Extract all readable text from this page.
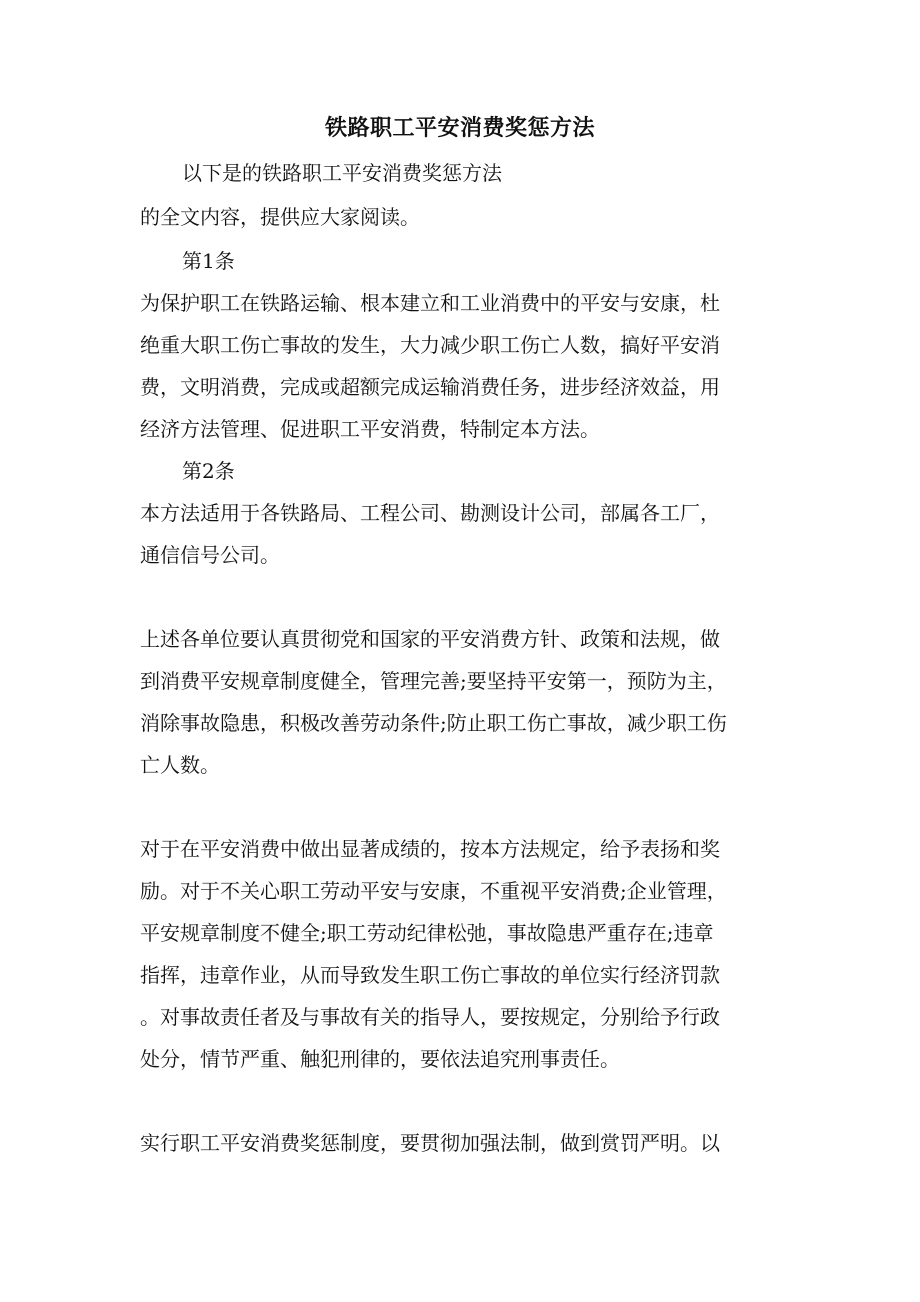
铁路职工平安消费奖惩方法
以下是的铁路职工平安消费奖惩方法
的全文内容，提供应大家阅读。
第1条
为保护职工在铁路运输、根本建立和工业消费中的平安与安康，杜
绝重大职工伤亡事故的发生，大力减少职工伤亡人数，搞好平安消
费，文明消费，完成或超额完成运输消费任务，进步经济效益，用
经济方法管理、促进职工平安消费，特制定本方法。
第2条
本方法适用于各铁路局、工程公司、勘测设计公司，部属各工厂，
通信信号公司。
上述各单位要认真贯彻党和国家的平安消费方针、政策和法规，做
到消费平安规章制度健全，管理完善;要坚持平安第一，预防为主，
消除事故隐患，积极改善劳动条件;防止职工伤亡事故，减少职工伤
亡人数。
对于在平安消费中做出显著成绩的，按本方法规定，给予表扬和奖
励。对于不关心职工劳动平安与安康，不重视平安消费;企业管理，
平安规章制度不健全;职工劳动纪律松弛，事故隐患严重存在;违章
指挥，违章作业，从而导致发生职工伤亡事故的单位实行经济罚款
。对事故责任者及与事故有关的指导人，要按规定，分别给予行政
处分，情节严重、触犯刑律的，要依法追究刑事责任。
实行职工平安消费奖惩制度，要贯彻加强法制，做到赏罚严明。以
